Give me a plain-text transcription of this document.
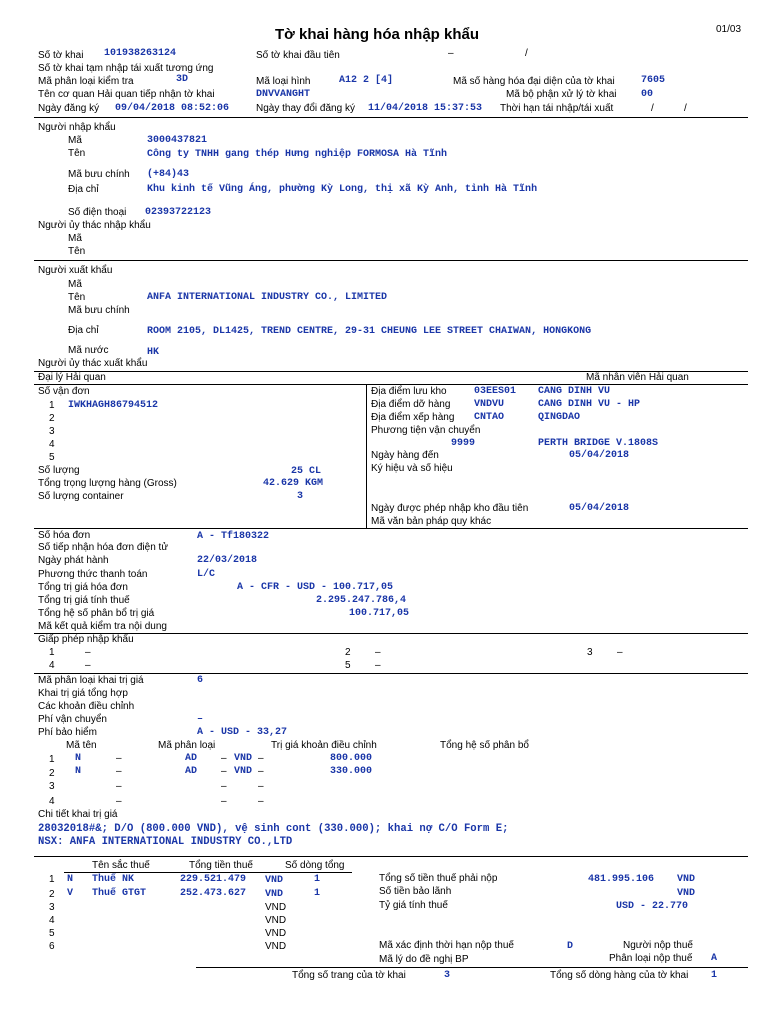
Tờ khai hàng hóa nhập khẩu	01/03
Số tờ khai 101938263124	Số tờ khai đầu tiên	–	/
Số tờ khai tạm nhập tái xuất tương ứng
Mã phân loại kiểm tra	3D	Mã loại hình	A12 2 [4]	Mã số hàng hóa đại diện của tờ khai	7605
Tên cơ quan Hải quan tiếp nhận tờ khai	DNVVANGHT	Mã bộ phận xử lý tờ khai 00
Ngày đăng ký 09/04/2018 08:52:06	Ngày thay đổi đăng ký 11/04/2018 15:37:53 Thời hạn tái nhập/tái xuất	/	/
Người nhập khẩu
Mã	3000437821
Tên	Công ty TNHH gang thép Hưng nghiệp FORMOSA Hà Tĩnh
Mã bưu chính (+84)43
Địa chỉ	Khu kinh tế Vũng Áng, phường Kỳ Long, thị xã Kỳ Anh, tỉnh Hà Tĩnh
Số điện thoại 02393722123
Người ủy thác nhập khẩu
Mã
Tên
Người xuất khẩu
Mã
Tên	ANFA INTERNATIONAL INDUSTRY CO., LIMITED
Mã bưu chính
Địa chỉ	ROOM 2105, DL1425, TREND CENTRE, 29-31 CHEUNG LEE STREET CHAIWAN, HONGKONG
Mã nước	HK
Người ủy thác xuất khẩu
Đại lý Hải quan	Mã nhân viên Hải quan
Số vận đơn
1 IWKHAGH86794512
2
3
4
5
Số lượng	25 CL
Tổng trọng lượng hàng (Gross)	42.629 KGM
Số lượng container	3
Địa điểm lưu kho	03EES01 CANG DINH VU
Địa điểm dỡ hàng VNDVU	CANG DINH VU - HP
Địa điểm xếp hàng CNTAO	QINGDAO
Phương tiện vận chuyển
9999	PERTH BRIDGE V.1808S
Ngày hàng đến	05/04/2018
Ký hiệu và số hiệu
Ngày được phép nhập kho đầu tiên	05/04/2018
Mã văn bản pháp quy khác
Số hóa đơn	A - Tf180322
Số tiếp nhận hóa đơn điện tử
Ngày phát hành	22/03/2018
Phương thức thanh toán	L/C
Tổng trị giá hóa đơn	A - CFR - USD - 100.717,05
Tổng trị giá tính thuế	2.295.247.786,4
Tổng hệ số phân bổ trị giá	100.717,05
Mã kết quả kiểm tra nội dung
Giấp phép nhập khẩu
1	–	2 –	3 –
4	–	5 –
Mã phân loại khai trị giá	6
Khai trị giá tổng hợp
Các khoản điều chỉnh
Phí vận chuyển	–
Phí bảo hiểm	A - USD - 33,27
Mã tên	Mã phân loại	Trị giá khoản điều chỉnh	Tổng hệ số phân bổ
1 N	–	AD – VND –	800.000
2 N	–	AD – VND –	330.000
3	–	–	–
4	–	–	–
Chi tiết khai trị giá
28032018#&; D/O (800.000 VND), vệ sinh cont (330.000); khai nợ C/O Form E;
NSX: ANFA INTERNATIONAL INDUSTRY CO.,LTD
Tên sắc thuế	Tổng tiền thuế	Số dòng tổng
1 N Thuế NK	229.521.479 VND	1
2 V Thuế GTGT	252.473.627 VND	1
3	VND
4	VND
5	VND
6	VND
Tổng số tiền thuế phải nộp	481.995.106 VND
Số tiền bảo lãnh	VND
Tỷ giá tính thuế	USD - 22.770
Mã xác định thời hạn nộp thuế	D	Người nộp thuế
Mã lý do đề nghị BP	Phân loại nộp thuế A
Tổng số trang của tờ khai	3	Tổng số dòng hàng của tờ khai 1
